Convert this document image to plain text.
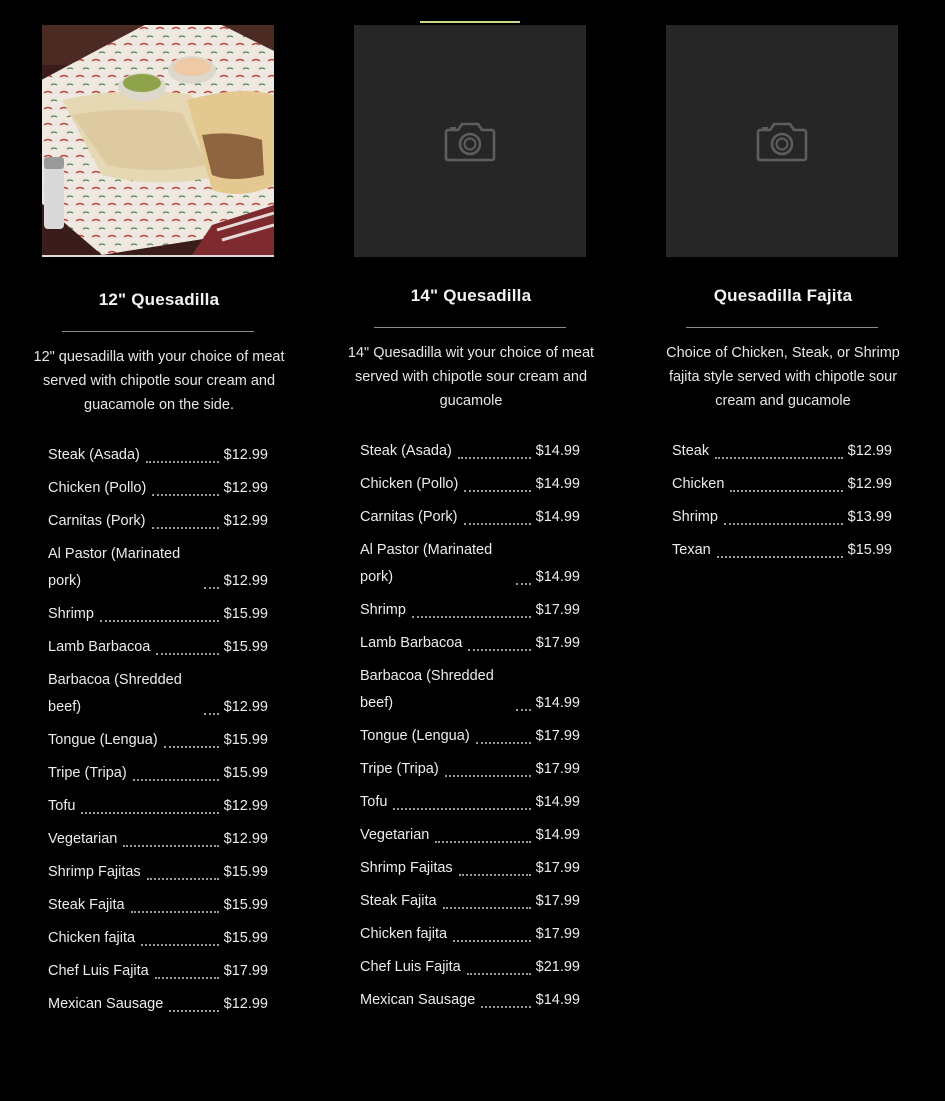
12" Quesadilla

12" quesadilla with your choice of meat served with chipotle sour cream and guacamole on the side.

Steak (Asada)	$12.99
Chicken (Pollo)	$12.99
Carnitas (Pork)	$12.99
Al Pastor (Marinated pork)	$12.99
Shrimp	$15.99
Lamb Barbacoa	$15.99
Barbacoa (Shredded beef)	$12.99
Tongue (Lengua)	$15.99
Tripe (Tripa)	$15.99
Tofu	$12.99
Vegetarian	$12.99
Shrimp Fajitas	$15.99
Steak Fajita	$15.99
Chicken fajita	$15.99
Chef Luis Fajita	$17.99
Mexican Sausage	$12.99
14" Quesadilla

14" Quesadilla wit your choice of meat served with chipotle sour cream and gucamole

Steak (Asada)	$14.99
Chicken (Pollo)	$14.99
Carnitas (Pork)	$14.99
Al Pastor (Marinated pork)	$14.99
Shrimp	$17.99
Lamb Barbacoa	$17.99
Barbacoa (Shredded beef)	$14.99
Tongue (Lengua)	$17.99
Tripe (Tripa)	$17.99
Tofu	$14.99
Vegetarian	$14.99
Shrimp Fajitas	$17.99
Steak Fajita	$17.99
Chicken fajita	$17.99
Chef Luis Fajita	$21.99
Mexican Sausage	$14.99
Quesadilla Fajita

Choice of Chicken, Steak, or Shrimp fajita style served with chipotle sour cream and gucamole

Steak	$12.99
Chicken	$12.99
Shrimp	$13.99
Texan	$15.99
